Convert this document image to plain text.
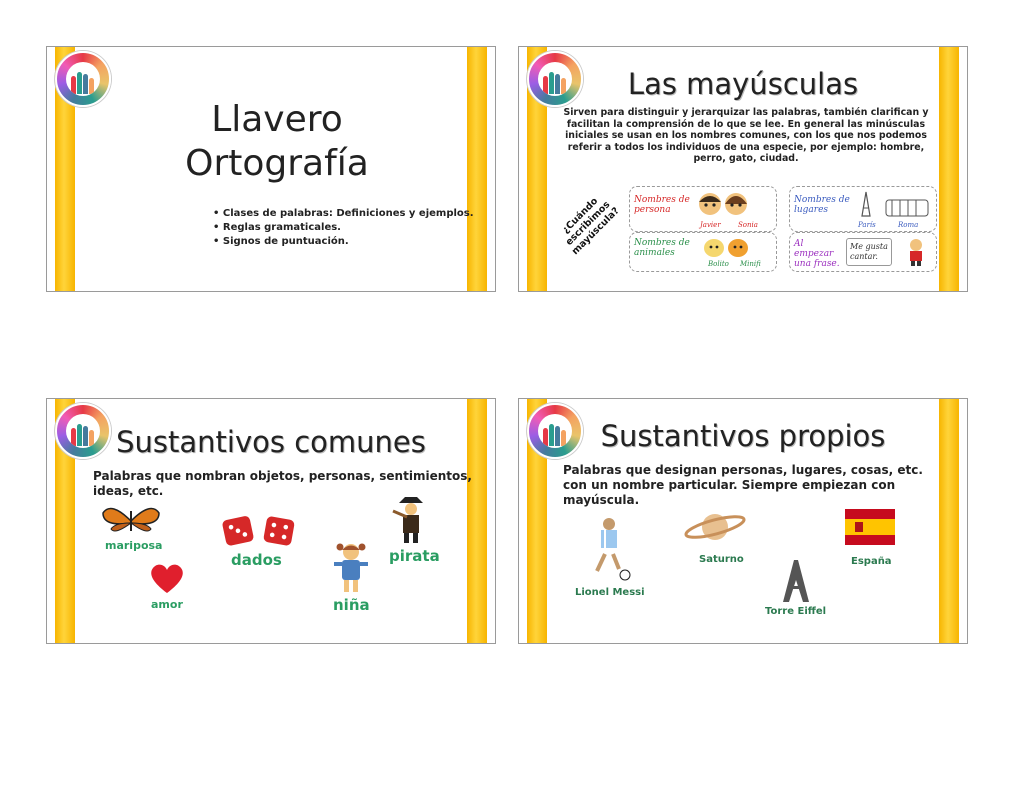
Llavero
Ortografía
• Clases de palabras: Definiciones y ejemplos.
• Reglas gramaticales.
• Signos de puntuación.
Las mayúsculas
Sirven para distinguir y jerarquizar las palabras, también clarifican y facilitan la comprensión de lo que se lee. En general las minúsculas iniciales se usan en los nombres comunes, con los que nos podemos referir a todos los individuos de una especie, por ejemplo: hombre, perro, gato, ciudad.
¿Cuándo escribimos mayúscula?
Nombres de persona
Javier Sonia
Nombres de animales
Bolito Minifi
Nombres de lugares
París	Roma
Al empezar una frase.
Me gusta cantar.
Sustantivos comunes
Palabras que nombran objetos, personas, sentimientos, ideas, etc.
mariposa
dados
amor	niña
pirata
Sustantivos propios
Palabras que designan personas, lugares, cosas, etc. con un nombre particular. Siempre empiezan con mayúscula.
Lionel Messi
Saturno
Torre Eiffel
España
